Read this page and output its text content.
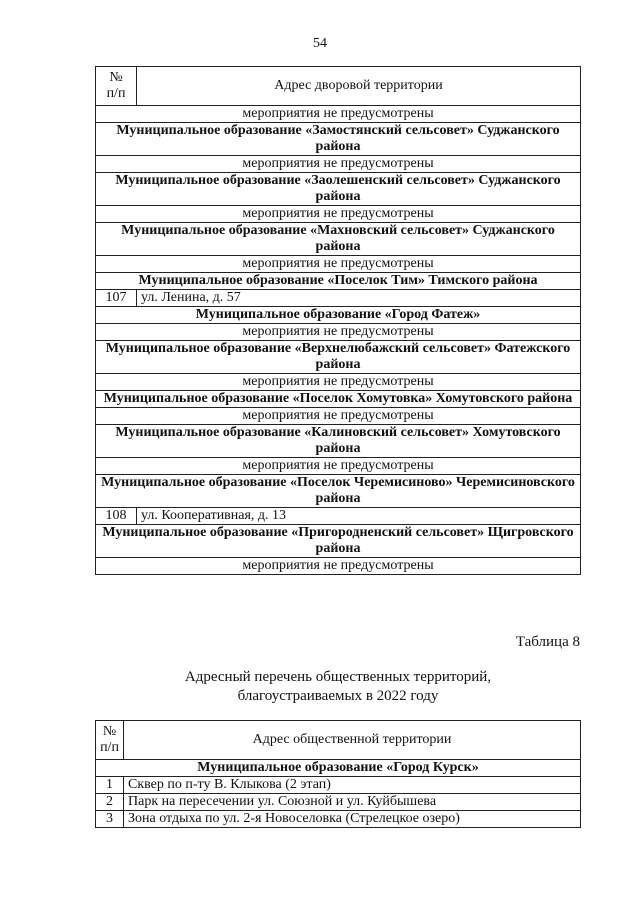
54
№
п/п	Адрес дворовой территории
мероприятия не предусмотрены	
Муниципальное образование «Замостянский сельсовет» Суджанского района	
мероприятия не предусмотрены	
Муниципальное образование «Заолешенский сельсовет» Суджанского района	
мероприятия не предусмотрены	
Муниципальное образование «Махновский сельсовет» Суджанского района	
мероприятия не предусмотрены	
Муниципальное образование «Поселок Тим» Тимского района	
107	ул. Ленина, д. 57
Муниципальное образование «Город Фатеж»	
мероприятия не предусмотрены	
Муниципальное образование «Верхнелюбажский сельсовет» Фатежского района	
мероприятия не предусмотрены	
Муниципальное образование «Поселок Хомутовка» Хомутовского района	
мероприятия не предусмотрены	
Муниципальное образование «Калиновский сельсовет» Хомутовского района	
мероприятия не предусмотрены	
Муниципальное образование «Поселок Черемисиново» Черемисиновского района	
108	ул. Кооперативная, д. 13
Муниципальное образование «Пригородненский сельсовет» Щигровского района	
мероприятия не предусмотрены	
Таблица 8
Адресный перечень общественных территорий,
благоустраиваемых в 2022 году
№
п/п	Адрес общественной территории
Муниципальное образование «Город Курск»	
1	Сквер по п-ту В. Клыкова (2 этап)
2	Парк на пересечении ул. Союзной и ул. Куйбышева
3	Зона отдыха по ул. 2-я Новоселовка (Стрелецкое озеро)
